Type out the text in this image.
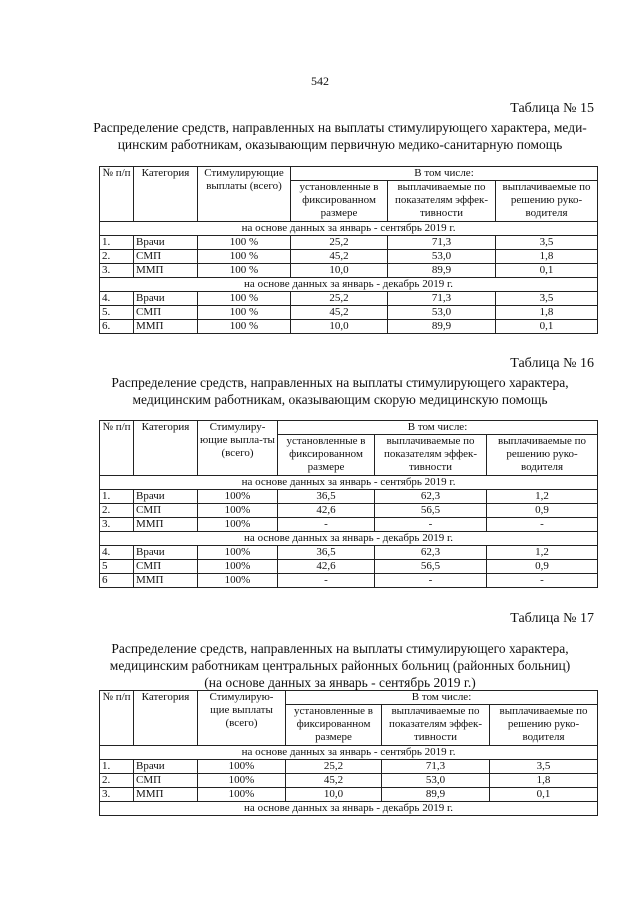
542
Таблица № 15
Распределение средств, направленных на выплаты стимулирующего характера, меди-
цинским работникам, оказывающим первичную медико-санитарную помощь
№ п/п	Категория	Стимулирующие выплаты (всего)	В том числе:		
			установленные в фиксированном размере	выплачиваемые по показателям эффек-тивности	выплачиваемые по решению руко-водителя
на основе данных за январь - сентябрь 2019 г.					
1.	Врачи	100 %	25,2	71,3	3,5
2.	СМП	100 %	45,2	53,0	1,8
3.	ММП	100 %	10,0	89,9	0,1
на основе данных за январь - декабрь 2019 г.					
4.	Врачи	100 %	25,2	71,3	3,5
5.	СМП	100 %	45,2	53,0	1,8
6.	ММП	100 %	10,0	89,9	0,1
Таблица № 16
Распределение средств, направленных на выплаты стимулирующего характера,
медицинским работникам, оказывающим скорую медицинскую помощь
№ п/п	Категория	Стимулиру-ющие выпла-ты (всего)	В том числе:		
			установленные в фиксированном размере	выплачиваемые по показателям эффек-тивности	выплачиваемые по решению руко-водителя
на основе данных за январь - сентябрь 2019 г.					
1.	Врачи	100%	36,5	62,3	1,2
2.	СМП	100%	42,6	56,5	0,9
3.	ММП	100%	-	-	-
на основе данных за январь - декабрь 2019 г.					
4.	Врачи	100%	36,5	62,3	1,2
5	СМП	100%	42,6	56,5	0,9
6	ММП	100%	-	-	-
Таблица № 17
Распределение средств, направленных на выплаты стимулирующего характера,
медицинским работникам центральных районных больниц (районных больниц)
(на основе данных за январь - сентябрь 2019 г.)
№ п/п	Категория	Стимулирую-щие выплаты (всего)	В том числе:		
			установленные в фиксированном размере	выплачиваемые по показателям эффек-тивности	выплачиваемые по решению руко-водителя
на основе данных за январь - сентябрь 2019 г.					
1.	Врачи	100%	25,2	71,3	3,5
2.	СМП	100%	45,2	53,0	1,8
3.	ММП	100%	10,0	89,9	0,1
на основе данных за январь - декабрь 2019 г.					
